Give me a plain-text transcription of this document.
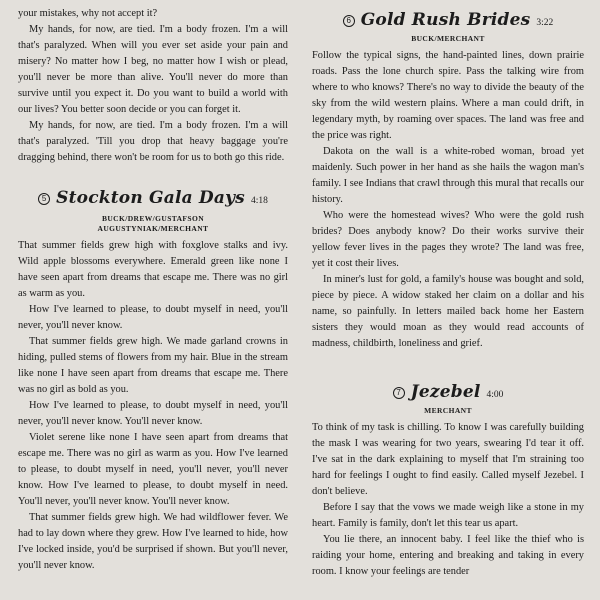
your mistakes, why not accept it?

My hands, for now, are tied. I'm a body frozen. I'm a will that's paralyzed. When will you ever set aside your pain and misery? No matter how I beg, no matter how I wish or plead, you'll never be more than alive. You'll never do more than survive until you expect it. Do you want to build a world with our lives? You better soon decide or you can forget it.

My hands, for now, are tied. I'm a body frozen. I'm a will that's paralyzed. 'Till you drop that heavy baggage you're dragging behind, there won't be room for us to both go this ride.

5 Stockton Gala Days 4:18
BUCK/DREW/GUSTAFSON
AUGUSTYNIAK/MERCHANT

That summer fields grew high with foxglove stalks and ivy. Wild apple blossoms everywhere. Emerald green like none I have seen apart from dreams that escape me. There was no girl as warm as you.

How I've learned to please, to doubt myself in need, you'll never, you'll never know.

That summer fields grew high. We made garland crowns in hiding, pulled stems of flowers from my hair. Blue in the stream like none I have seen apart from dreams that escape me. There was no girl as bold as you.

How I've learned to please, to doubt myself in need, you'll never, you'll never know. You'll never know.

Violet serene like none I have seen apart from dreams that escape me. There was no girl as warm as you. How I've learned to please, to doubt myself in need, you'll never, you'll never know. How I've learned to please, to doubt myself in need. You'll never, you'll never know. You'll never know.

That summer fields grew high. We had wildflower fever. We had to lay down where they grew. How I've learned to hide, how I've locked inside, you'd be surprised if shown. But you'll never, you'll never know.

6 Gold Rush Brides 3:22
BUCK/MERCHANT

Follow the typical signs, the hand-painted lines, down prairie roads. Pass the lone church spire. Pass the talking wire from where to who knows? There's no way to divide the beauty of the sky from the wild western plains. Where a man could drift, in legendary myth, by roaming over spaces. The land was free and the price was right.

Dakota on the wall is a white-robed woman, broad yet maidenly. Such power in her hand as she hails the wagon man's family. I see Indians that crawl through this mural that recalls our history.

Who were the homestead wives? Who were the gold rush brides? Does anybody know? Do their works survive their yellow fever lives in the pages they wrote? The land was free, yet it cost their lives.

In miner's lust for gold, a family's house was bought and sold, piece by piece. A widow staked her claim on a dollar and his name, so painfully. In letters mailed back home her Eastern sisters they would moan as they would read accounts of madness, childbirth, loneliness and grief.

7 Jezebel 4:00
MERCHANT

To think of my task is chilling. To know I was carefully building the mask I was wearing for two years, swearing I'd tear it off. I've sat in the dark explaining to myself that I'm straining too hard for feelings I ought to find easily. Called myself Jezebel. I don't believe.

Before I say that the vows we made weigh like a stone in my heart. Family is family, don't let this tear us apart.

You lie there, an innocent baby. I feel like the thief who is raiding your home, entering and breaking and taking in every room. I know your feelings are tender
